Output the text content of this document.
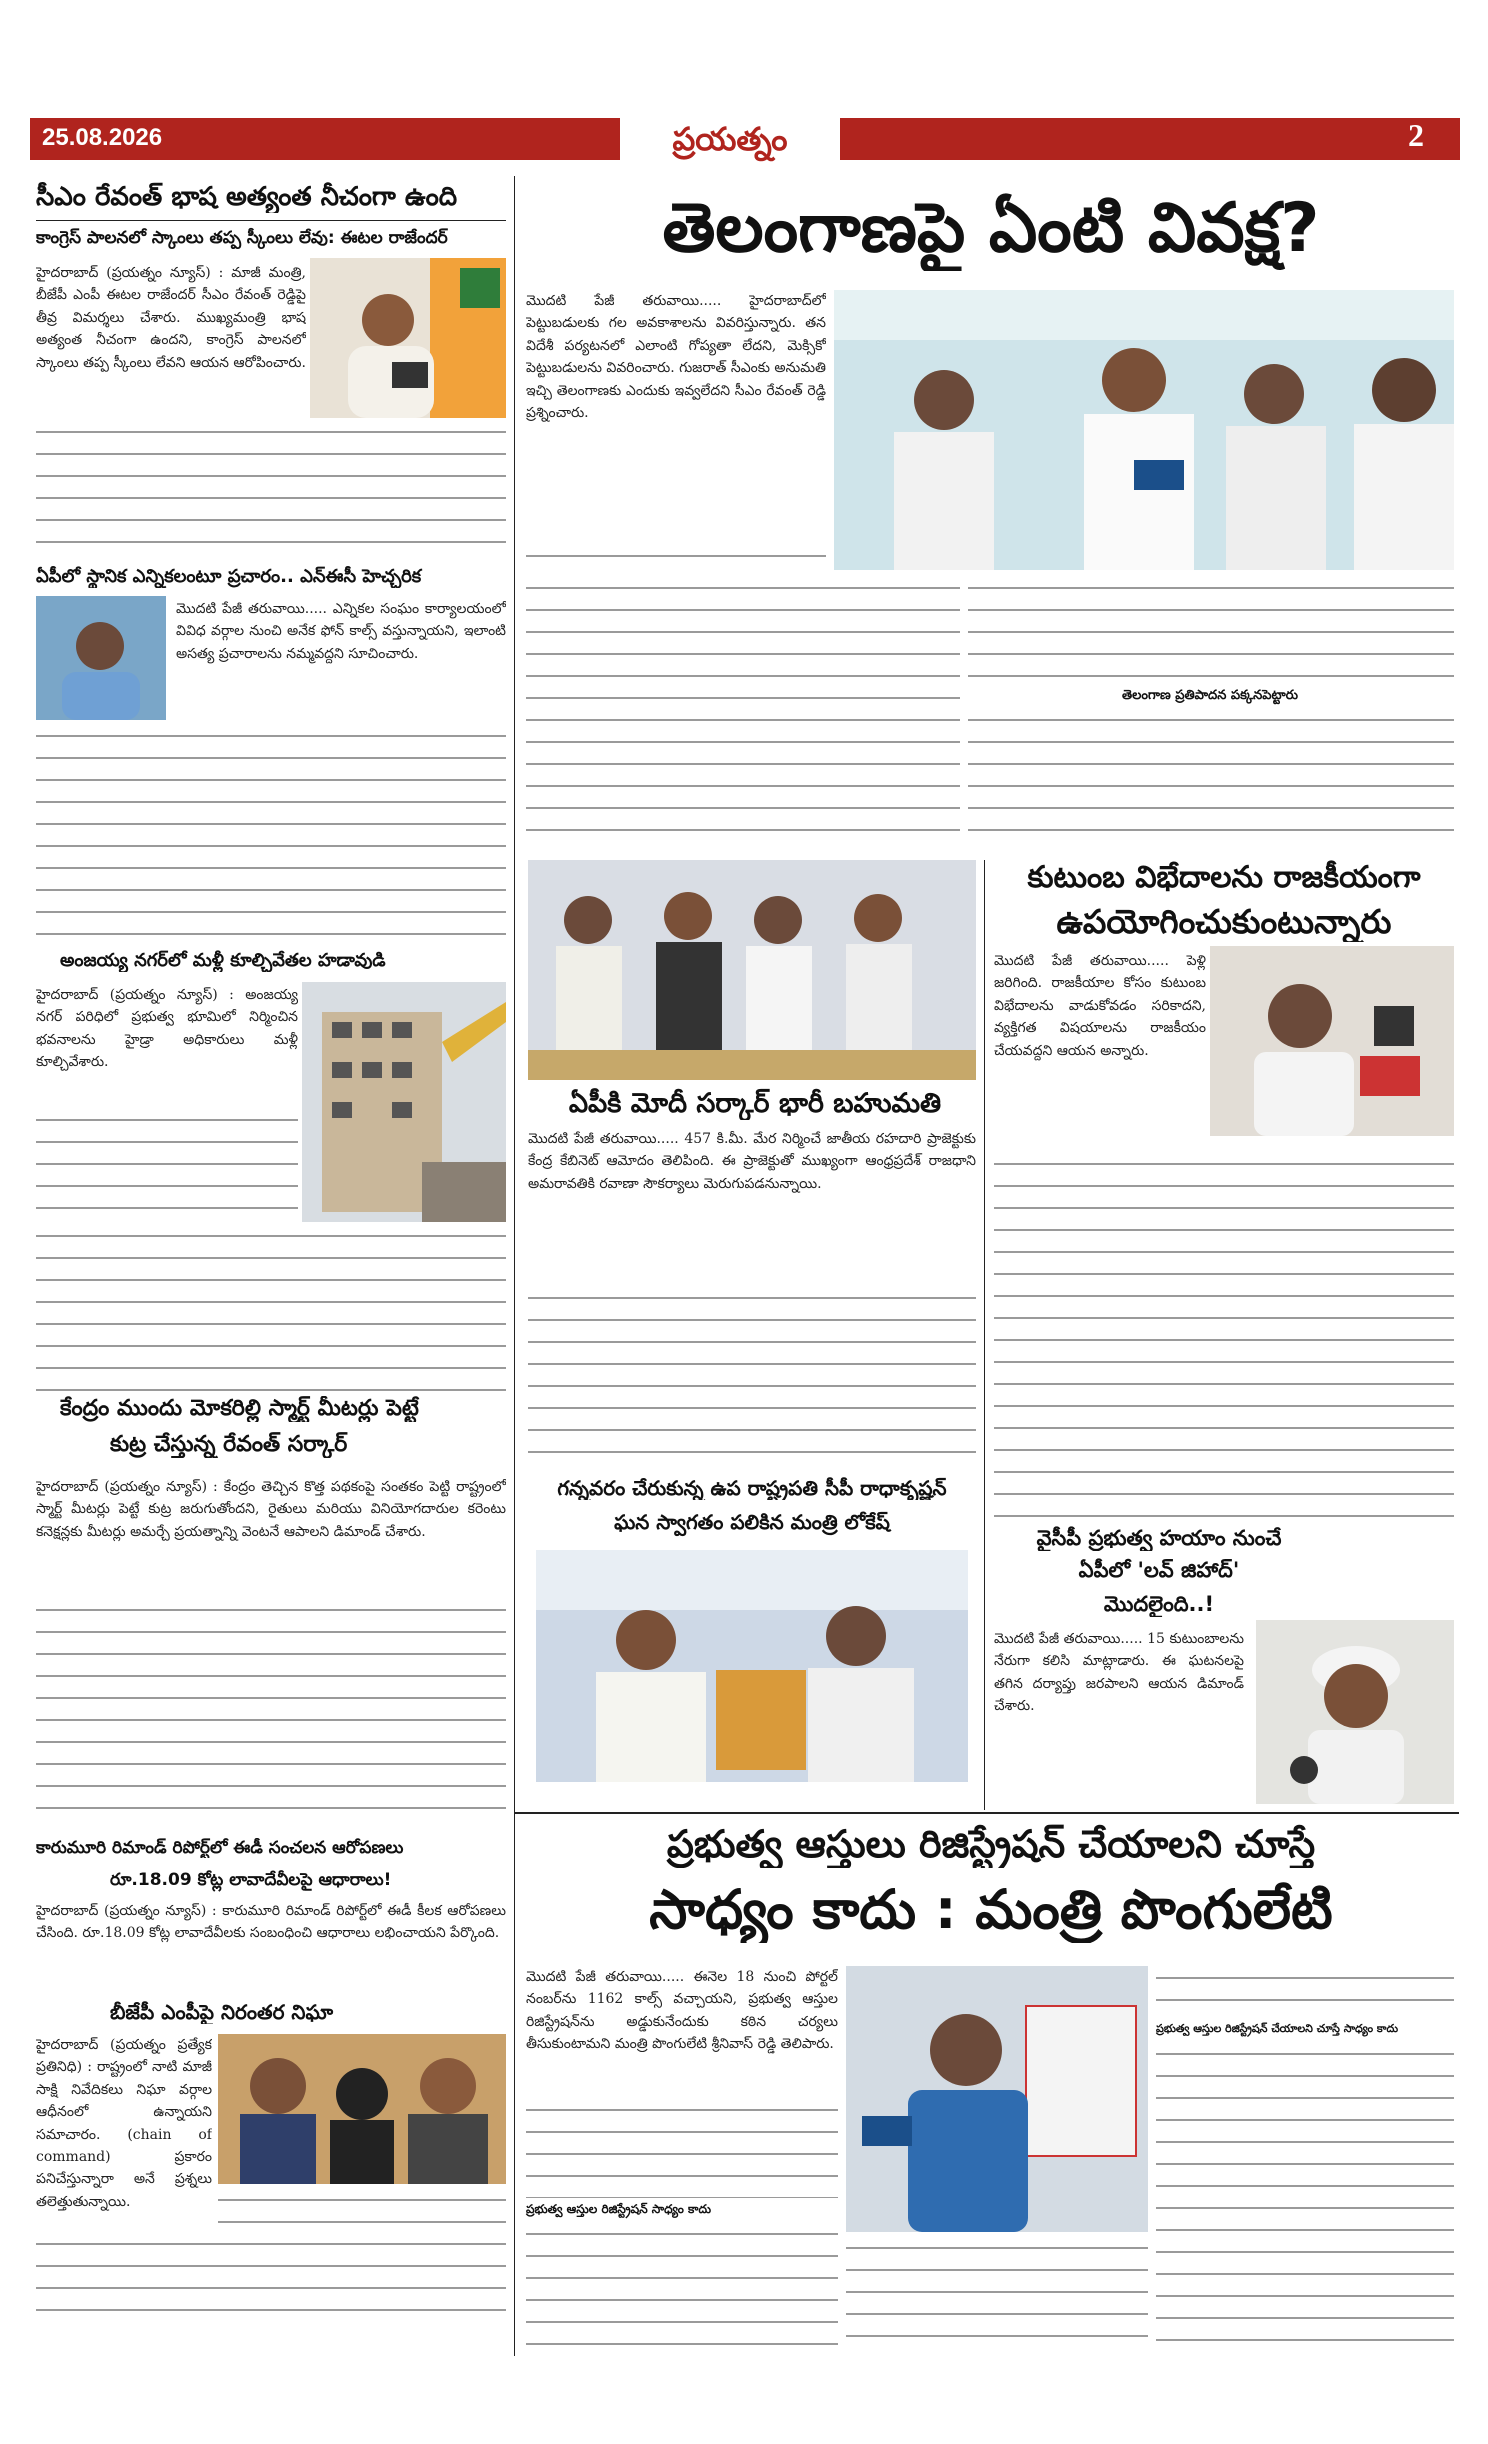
25.08.2026	ప్రయత్నం	2
సీఎం రేవంత్ భాష అత్యంత నీచంగా ఉంది
కాంగ్రెస్ పాలనలో స్కాంలు తప్ప స్కీంలు లేవు: ఈటల రాజేందర్
హైదరాబాద్ (ప్రయత్నం న్యూస్) : మాజీ మంత్రి, బీజేపీ ఎంపీ ఈటల రాజేందర్ సీఎం రేవంత్ రెడ్డిపై తీవ్ర విమర్శలు చేశారు. ముఖ్యమంత్రి భాష అత్యంత నీచంగా ఉందని, కాంగ్రెస్ పాలనలో స్కాంలు తప్ప స్కీంలు లేవని ఆయన ఆరోపించారు.
ఏపీలో స్థానిక ఎన్నికలంటూ ప్రచారం.. ఎన్ఈసీ హెచ్చరిక
మొదటి పేజీ తరువాయి..... ఎన్నికల సంఘం కార్యాలయంలో వివిధ వర్గాల నుంచి అనేక ఫోన్ కాల్స్ వస్తున్నాయని, ఇలాంటి అసత్య ప్రచారాలను నమ్మవద్దని సూచించారు.
అంజయ్య నగర్‌లో మళ్లీ కూల్చివేతల హడావుడి
హైదరాబాద్ (ప్రయత్నం న్యూస్) : అంజయ్య నగర్ పరిధిలో ప్రభుత్వ భూమిలో నిర్మించిన భవనాలను హైడ్రా అధికారులు మళ్లీ కూల్చివేశారు.
కేంద్రం ముందు మోకరిల్లి స్మార్ట్ మీటర్లు పెట్టే
కుట్ర చేస్తున్న రేవంత్ సర్కార్
హైదరాబాద్ (ప్రయత్నం న్యూస్) : కేంద్రం తెచ్చిన కొత్త పథకంపై సంతకం పెట్టి రాష్ట్రంలో స్మార్ట్ మీటర్లు పెట్టే కుట్ర జరుగుతోందని, రైతులు మరియు వినియోగదారుల కరెంటు కనెక్షన్లకు మీటర్లు అమర్చే ప్రయత్నాన్ని వెంటనే ఆపాలని డిమాండ్ చేశారు.
కారుమూరి రిమాండ్ రిపోర్ట్‌లో ఈడీ సంచలన ఆరోపణలు
రూ.18.09 కోట్ల లావాదేవీలపై ఆధారాలు!
హైదరాబాద్ (ప్రయత్నం న్యూస్) : కారుమూరి రిమాండ్ రిపోర్ట్‌లో ఈడీ కీలక ఆరోపణలు చేసింది. రూ.18.09 కోట్ల లావాదేవీలకు సంబంధించి ఆధారాలు లభించాయని పేర్కొంది.
బీజేపీ ఎంపీపై నిరంతర నిఘా
హైదరాబాద్ (ప్రయత్నం ప్రత్యేక ప్రతినిధి) : రాష్ట్రంలో నాటి మాజీ సాక్షి నివేదికలు నిఘా వర్గాల ఆధీనంలో ఉన్నాయని సమాచారం. (chain of command) ప్రకారం పనిచేస్తున్నారా అనే ప్రశ్నలు తలెత్తుతున్నాయి.
తెలంగాణపై ఏంటి వివక్ష?
మొదటి పేజీ తరువాయి..... హైదరాబాద్‌లో పెట్టుబడులకు గల అవకాశాలను వివరిస్తున్నారు. తన విదేశీ పర్యటనలో ఎలాంటి గోప్యతా లేదని, మెక్సికో పెట్టుబడులను వివరించారు. గుజరాత్ సీఎంకు అనుమతి ఇచ్చి తెలంగాణకు ఎందుకు ఇవ్వలేదని సీఎం రేవంత్ రెడ్డి ప్రశ్నించారు.
తెలంగాణ ప్రతిపాదన పక్కనపెట్టారు
ఏపీకి మోదీ సర్కార్ భారీ బహుమతి
మొదటి పేజీ తరువాయి..... 457 కి.మీ. మేర నిర్మించే జాతీయ రహదారి ప్రాజెక్టుకు కేంద్ర కేబినెట్ ఆమోదం తెలిపింది. ఈ ప్రాజెక్టుతో ముఖ్యంగా ఆంధ్రప్రదేశ్ రాజధాని అమరావతికి రవాణా సౌకర్యాలు మెరుగుపడనున్నాయి.
గన్నవరం చేరుకున్న ఉప రాష్ట్రపతి సీపీ రాధాకృష్ణన్
ఘన స్వాగతం పలికిన మంత్రి లోకేష్
కుటుంబ విభేదాలను రాజకీయంగా
ఉపయోగించుకుంటున్నారు
మొదటి పేజీ తరువాయి..... పెళ్లి జరిగింది. రాజకీయాల కోసం కుటుంబ విభేదాలను వాడుకోవడం సరికాదని, వ్యక్తిగత విషయాలను రాజకీయం చేయవద్దని ఆయన అన్నారు.
వైసీపీ ప్రభుత్వ హయాం నుంచే
ఏపీలో 'లవ్ జిహాద్'
మొదలైంది..!
మొదటి పేజీ తరువాయి..... 15 కుటుంబాలను నేరుగా కలిసి మాట్లాడారు. ఈ ఘటనలపై తగిన దర్యాప్తు జరపాలని ఆయన డిమాండ్ చేశారు.
ప్రభుత్వ ఆస్తులు రిజిస్ట్రేషన్ చేయాలని చూస్తే
సాధ్యం కాదు : మంత్రి పొంగులేటి
మొదటి పేజీ తరువాయి..... ఈనెల 18 నుంచి పోర్టల్ నంబర్‌ను 1162 కాల్స్ వచ్చాయని, ప్రభుత్వ ఆస్తుల రిజిస్ట్రేషన్‌ను అడ్డుకునేందుకు కఠిన చర్యలు తీసుకుంటామని మంత్రి పొంగులేటి శ్రీనివాస్ రెడ్డి తెలిపారు.
ప్రభుత్వ ఆస్తుల రిజిస్ట్రేషన్ సాధ్యం కాదు
ప్రభుత్వ ఆస్తుల రిజిస్ట్రేషన్ చేయాలని చూస్తే సాధ్యం కాదు
